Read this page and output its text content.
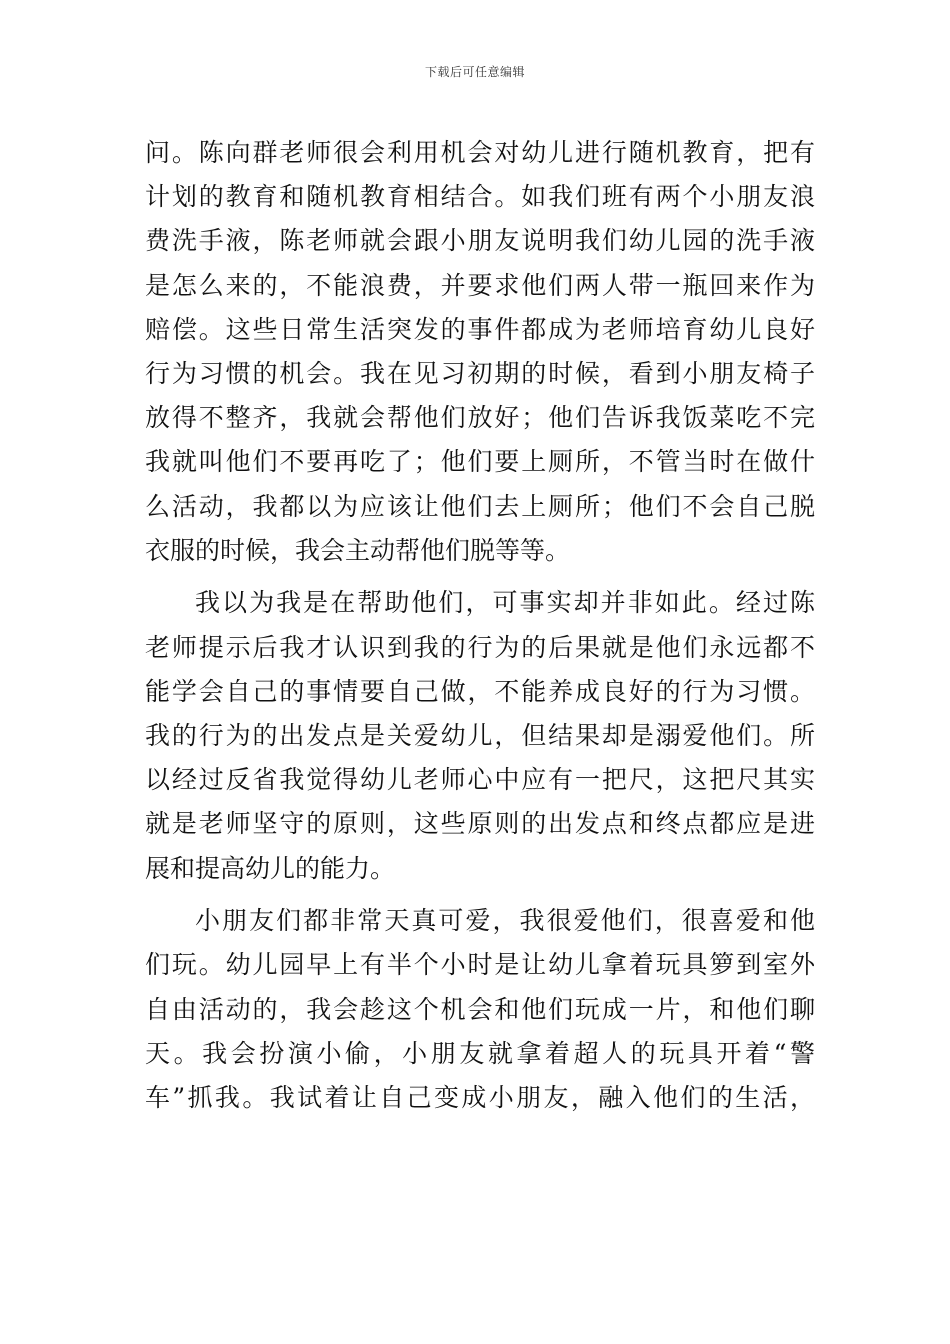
下载后可任意编辑
问。陈向群老师很会利用机会对幼儿进行随机教育，把有
计划的教育和随机教育相结合。如我们班有两个小朋友浪
费洗手液，陈老师就会跟小朋友说明我们幼儿园的洗手液
是怎么来的，不能浪费，并要求他们两人带一瓶回来作为
赔偿。这些日常生活突发的事件都成为老师培育幼儿良好
行为习惯的机会。我在见习初期的时候，看到小朋友椅子
放得不整齐，我就会帮他们放好；他们告诉我饭菜吃不完
我就叫他们不要再吃了；他们要上厕所，不管当时在做什
么活动，我都以为应该让他们去上厕所；他们不会自己脱
衣服的时候，我会主动帮他们脱等等。
我以为我是在帮助他们，可事实却并非如此。经过陈
老师提示后我才认识到我的行为的后果就是他们永远都不
能学会自己的事情要自己做，不能养成良好的行为习惯。
我的行为的出发点是关爱幼儿，但结果却是溺爱他们。所
以经过反省我觉得幼儿老师心中应有一把尺，这把尺其实
就是老师坚守的原则，这些原则的出发点和终点都应是进
展和提高幼儿的能力。
小朋友们都非常天真可爱，我很爱他们，很喜爱和他
们玩。幼儿园早上有半个小时是让幼儿拿着玩具箩到室外
自由活动的，我会趁这个机会和他们玩成一片，和他们聊
天。我会扮演小偷，小朋友就拿着超人的玩具开着“警
车”抓我。我试着让自己变成小朋友，融入他们的生活，
